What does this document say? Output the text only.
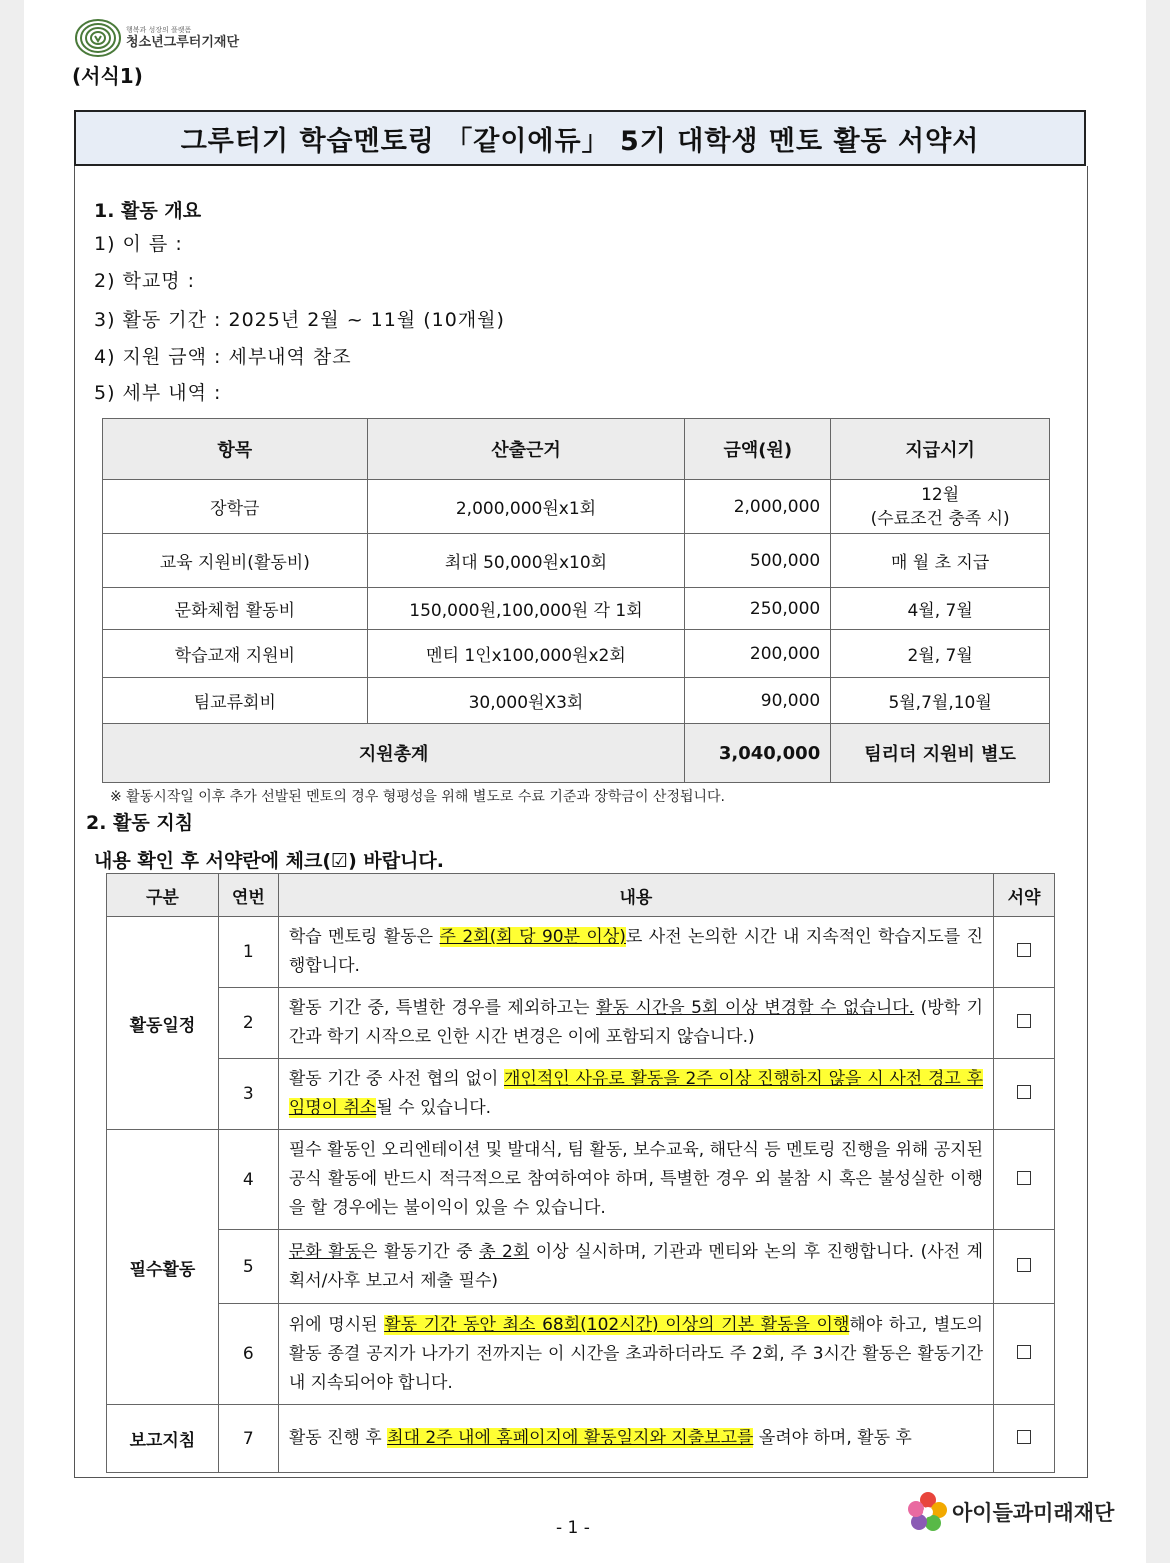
행복과 성장의 플랫폼
청소년그루터기재단
(서식1)
그루터기 학습멘토링 「같이에듀」 5기 대학생 멘토 활동 서약서
1. 활동 개요
1) 이 름 :
2) 학교명 :
3) 활동 기간 : 2025년 2월 ~ 11월 (10개월)
4) 지원 금액 : 세부내역 참조
5) 세부 내역 :
항목	산출근거	금액(원)	지급시기
장학금	2,000,000원x1회	2,000,000	12월
(수료조건 충족 시)

교육 지원비(활동비)	최대 50,000원x10회	500,000	매 월 초 지급
문화체험 활동비	150,000원,100,000원 각 1회	250,000	4월, 7월
학습교재 지원비	멘티 1인x100,000원x2회	200,000	2월, 7월
팀교류회비	30,000원X3회	90,000	5월,7월,10월
지원총계		3,040,000	팀리더 지원비 별도
※ 활동시작일 이후 추가 선발된 멘토의 경우 형평성을 위해 별도로 수료 기준과 장학금이 산정됩니다.
2. 활동 지침
내용 확인 후 서약란에 체크(☑) 바랍니다.
구분	연번	내용	서약
활동일정	1	학습 멘토링 활동은 주 2회(회 당 90분 이상)로 사전 논의한 시간 내 지속적인 학습지도를 진행합니다.	
	2	활동 기간 중, 특별한 경우를 제외하고는 활동 시간을 5회 이상 변경할 수 없습니다. (방학 기간과 학기 시작으로 인한 시간 변경은 이에 포함되지 않습니다.)	
	3	활동 기간 중 사전 협의 없이 개인적인 사유로 활동을 2주 이상 진행하지 않을 시 사전 경고 후 임명이 취소될 수 있습니다.	
필수활동	4	필수 활동인 오리엔테이션 및 발대식, 팀 활동, 보수교육, 해단식 등 멘토링 진행을 위해 공지된 공식 활동에 반드시 적극적으로 참여하여야 하며, 특별한 경우 외 불참 시 혹은 불성실한 이행을 할 경우에는 불이익이 있을 수 있습니다.	
	5	문화 활동은 활동기간 중 총 2회 이상 실시하며, 기관과 멘티와 논의 후 진행합니다. (사전 계획서/사후 보고서 제출 필수)	
	6	위에 명시된 활동 기간 동안 최소 68회(102시간) 이상의 기본 활동을 이행해야 하고, 별도의 활동 종결 공지가 나가기 전까지는 이 시간을 초과하더라도 주 2회, 주 3시간 활동은 활동기간 내 지속되어야 합니다.	
보고지침	7	활동 진행 후 최대 2주 내에 홈페이지에 활동일지와 지출보고를 올려야 하며, 활동 후	
아이들과미래재단
- 1 -
